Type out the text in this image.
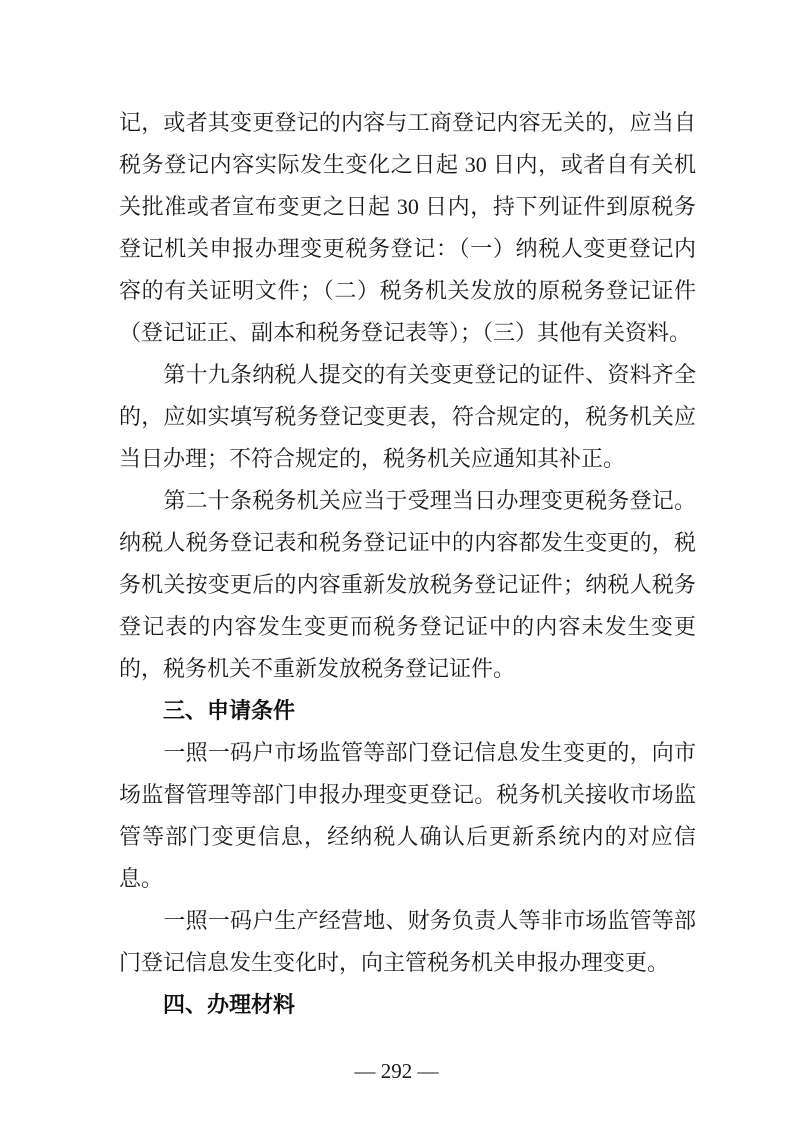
记，或者其变更登记的内容与工商登记内容无关的，应当自
税务登记内容实际发生变化之日起 30 日内，或者自有关机
关批准或者宣布变更之日起 30 日内，持下列证件到原税务
登记机关申报办理变更税务登记：（一）纳税人变更登记内
容的有关证明文件；（二）税务机关发放的原税务登记证件
（登记证正、副本和税务登记表等）；（三）其他有关资料。
　　第十九条纳税人提交的有关变更登记的证件、资料齐全
的，应如实填写税务登记变更表，符合规定的，税务机关应
当日办理；不符合规定的，税务机关应通知其补正。
　　第二十条税务机关应当于受理当日办理变更税务登记。
纳税人税务登记表和税务登记证中的内容都发生变更的，税
务机关按变更后的内容重新发放税务登记证件；纳税人税务
登记表的内容发生变更而税务登记证中的内容未发生变更
的，税务机关不重新发放税务登记证件。
　　三、申请条件
　　一照一码户市场监管等部门登记信息发生变更的，向市
场监督管理等部门申报办理变更登记。税务机关接收市场监
管等部门变更信息，经纳税人确认后更新系统内的对应信
息。
　　一照一码户生产经营地、财务负责人等非市场监管等部
门登记信息发生变化时，向主管税务机关申报办理变更。
　　四、办理材料
— 292 —
